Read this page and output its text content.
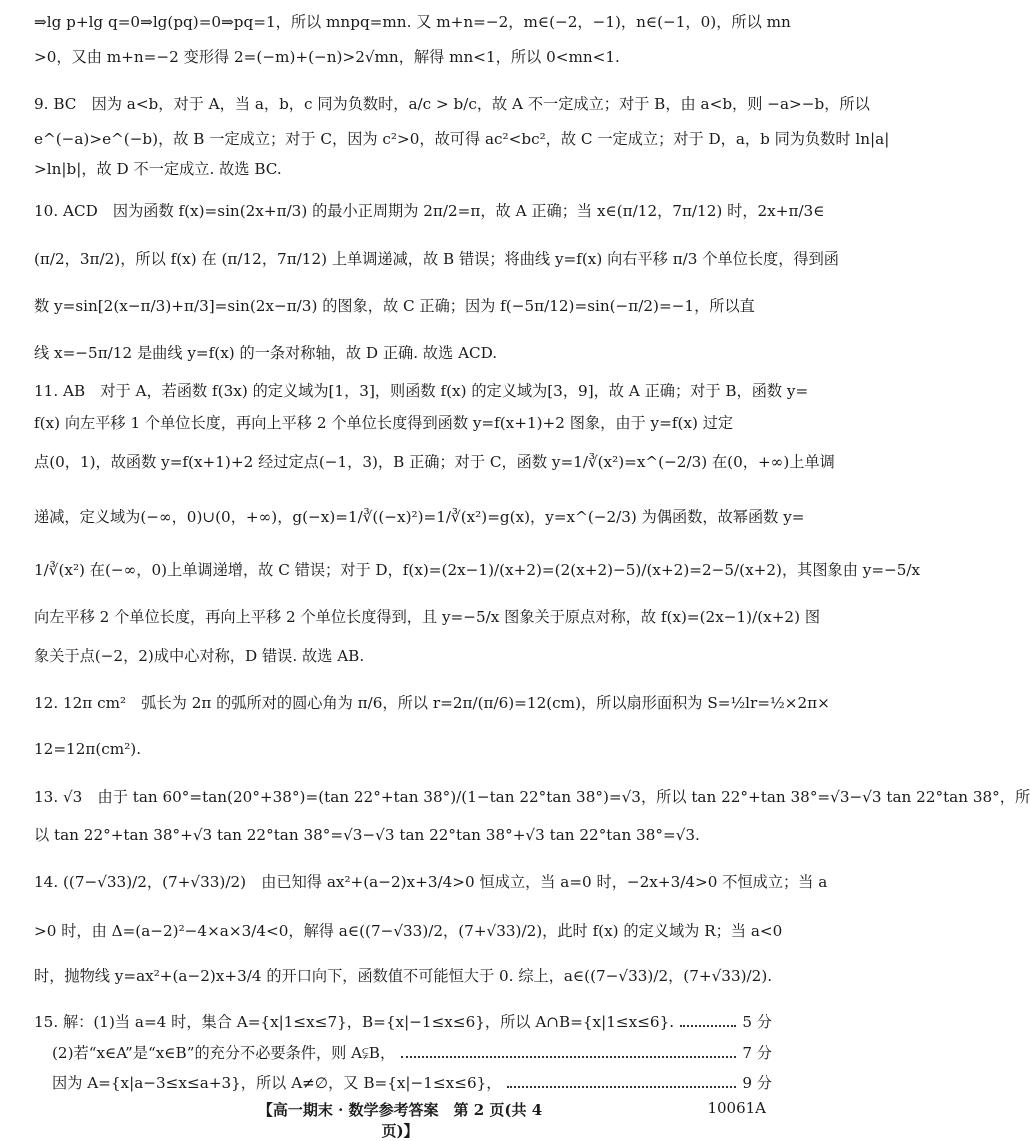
⇒lg p+lg q=0⇒lg(pq)=0⇒pq=1，所以 mnpq=mn. 又 m+n=−2，m∈(−2，−1)，n∈(−1，0)，所以 mn
>0，又由 m+n=−2 变形得 2=(−m)+(−n)>2√mn，解得 mn<1，所以 0<mn<1.
9. BC　因为 a<b，对于 A，当 a，b，c 同为负数时，a/c > b/c，故 A 不一定成立；对于 B，由 a<b，则 −a>−b，所以
e^(−a)>e^(−b)，故 B 一定成立；对于 C，因为 c²>0，故可得 ac²<bc²，故 C 一定成立；对于 D，a，b 同为负数时 ln|a|
>ln|b|，故 D 不一定成立. 故选 BC.
10. ACD　因为函数 f(x)=sin(2x+π/3) 的最小正周期为 2π/2=π，故 A 正确；当 x∈(π/12，7π/12) 时，2x+π/3∈
(π/2，3π/2)，所以 f(x) 在 (π/12，7π/12) 上单调递减，故 B 错误；将曲线 y=f(x) 向右平移 π/3 个单位长度，得到函
数 y=sin[2(x−π/3)+π/3]=sin(2x−π/3) 的图象，故 C 正确；因为 f(−5π/12)=sin(−π/2)=−1，所以直
线 x=−5π/12 是曲线 y=f(x) 的一条对称轴，故 D 正确. 故选 ACD.
11. AB　对于 A，若函数 f(3x) 的定义域为[1，3]，则函数 f(x) 的定义域为[3，9]，故 A 正确；对于 B，函数 y=
f(x) 向左平移 1 个单位长度，再向上平移 2 个单位长度得到函数 y=f(x+1)+2 图象，由于 y=f(x) 过定
点(0，1)，故函数 y=f(x+1)+2 经过定点(−1，3)，B 正确；对于 C，函数 y=1/∛(x²)=x^(−2/3) 在(0，+∞)上单调
递减，定义域为(−∞，0)∪(0，+∞)，g(−x)=1/∛((−x)²)=1/∛(x²)=g(x)，y=x^(−2/3) 为偶函数，故幂函数 y=
1/∛(x²) 在(−∞，0)上单调递增，故 C 错误；对于 D，f(x)=(2x−1)/(x+2)=(2(x+2)−5)/(x+2)=2−5/(x+2)，其图象由 y=−5/x
向左平移 2 个单位长度，再向上平移 2 个单位长度得到，且 y=−5/x 图象关于原点对称，故 f(x)=(2x−1)/(x+2) 图
象关于点(−2，2)成中心对称，D 错误. 故选 AB.
12. 12π cm²　弧长为 2π 的弧所对的圆心角为 π/6，所以 r=2π/(π/6)=12(cm)，所以扇形面积为 S=½lr=½×2π×
12=12π(cm²).
13. √3　由于 tan 60°=tan(20°+38°)=(tan 22°+tan 38°)/(1−tan 22°tan 38°)=√3，所以 tan 22°+tan 38°=√3−√3 tan 22°tan 38°，所
以 tan 22°+tan 38°+√3 tan 22°tan 38°=√3−√3 tan 22°tan 38°+√3 tan 22°tan 38°=√3.
14. ((7−√33)/2，(7+√33)/2)　由已知得 ax²+(a−2)x+3/4>0 恒成立，当 a=0 时，−2x+3/4>0 不恒成立；当 a
>0 时，由 Δ=(a−2)²−4×a×3/4<0，解得 a∈((7−√33)/2，(7+√33)/2)，此时 f(x) 的定义域为 R；当 a<0
时，抛物线 y=ax²+(a−2)x+3/4 的开口向下，函数值不可能恒大于 0. 综上，a∈((7−√33)/2，(7+√33)/2).
15. 解：(1)当 a=4 时，集合 A={x|1≤x≤7}，B={x|−1≤x≤6}，所以 A∩B={x|1≤x≤6}.	5 分
(2)若“x∈A”是“x∈B”的充分不必要条件，则 A⫋B，	7 分
因为 A={x|a−3≤x≤a+3}，所以 A≠∅，又 B={x|−1≤x≤6}，	9 分
【高一期末 · 数学参考答案　第 2 页(共 4 页)】
10061A
